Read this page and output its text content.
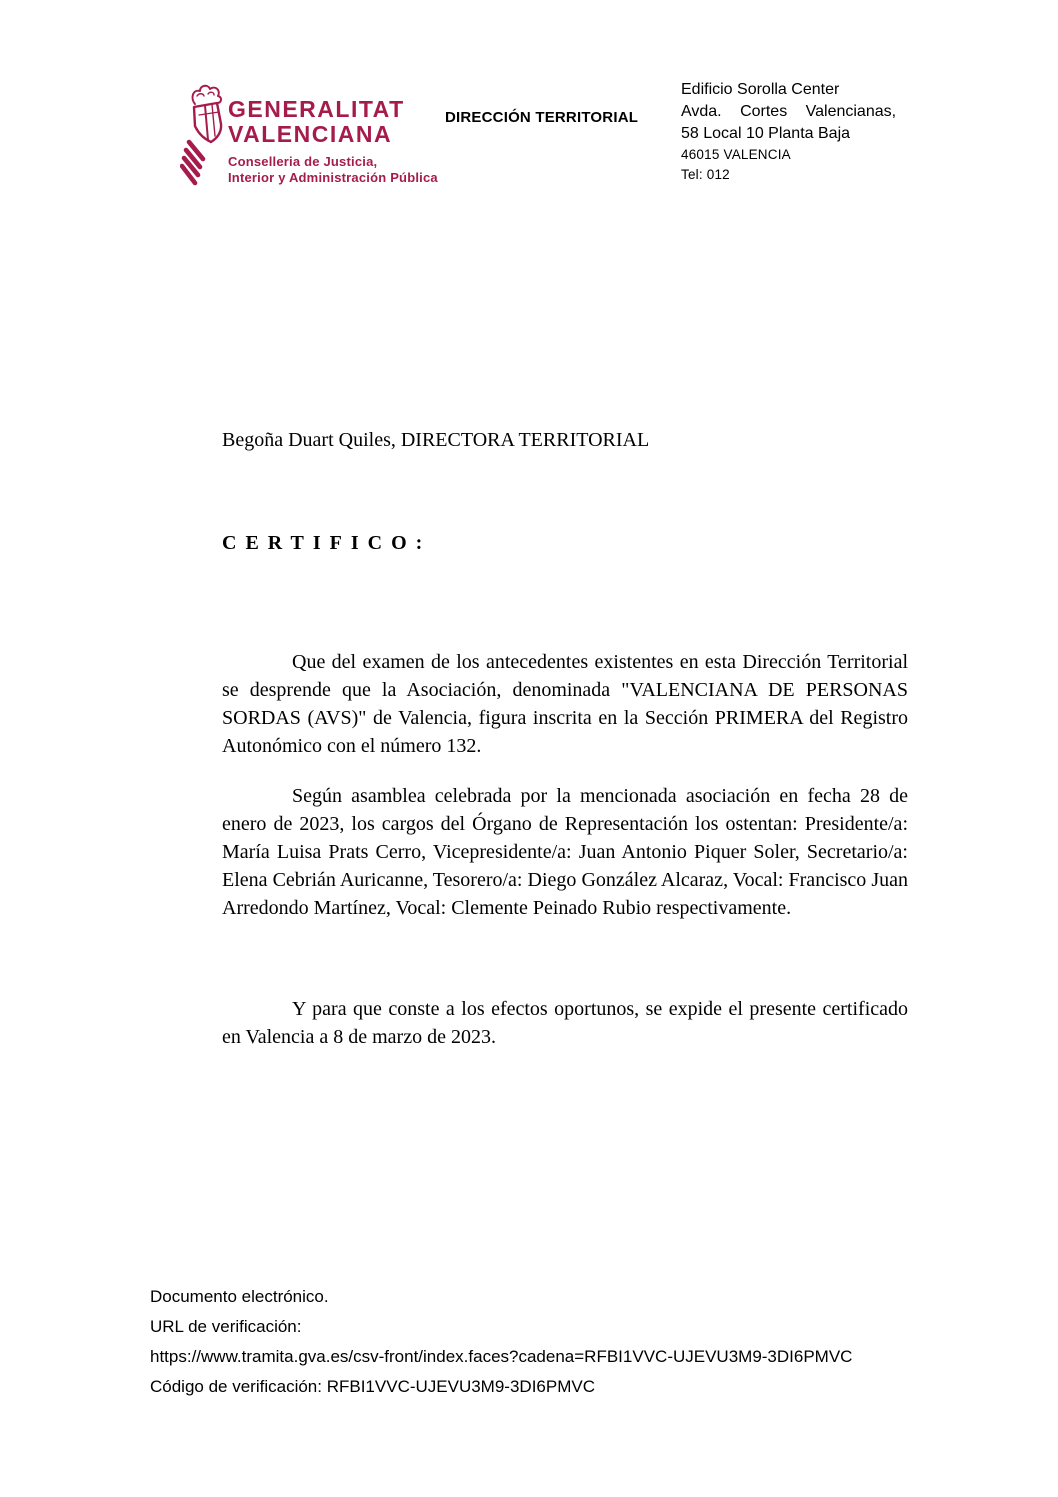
GENERALITAT
VALENCIANA
Conselleria de Justicia,
Interior y Administración Pública
DIRECCIÓN TERRITORIAL
Edificio Sorolla Center
Avda. Cortes Valencianas,
58 Local 10 Planta Baja
46015 VALENCIA
Tel: 012
Begoña Duart Quiles, DIRECTORA TERRITORIAL
CERTIFICO:

Que del examen de los antecedentes existentes en esta Dirección Territorial se desprende que la Asociación, denominada "VALENCIANA DE PERSONAS SORDAS (AVS)" de Valencia, figura inscrita en la Sección PRIMERA del Registro Autonómico con el número 132.

Según asamblea celebrada por la mencionada asociación en fecha 28 de enero de 2023, los cargos del Órgano de Representación los ostentan: Presidente/a: María Luisa Prats Cerro, Vicepresidente/a: Juan Antonio Piquer Soler, Secretario/a: Elena Cebrián Auricanne, Tesorero/a: Diego González Alcaraz, Vocal: Francisco Juan Arredondo Martínez, Vocal: Clemente Peinado Rubio respectivamente.

Y para que conste a los efectos oportunos, se expide el presente certificado en Valencia a 8 de marzo de 2023.

Documento electrónico.
URL de verificación:
https://www.tramita.gva.es/csv-front/index.faces?cadena=RFBI1VVC-UJEVU3M9-3DI6PMVC
Código de verificación: RFBI1VVC-UJEVU3M9-3DI6PMVC
